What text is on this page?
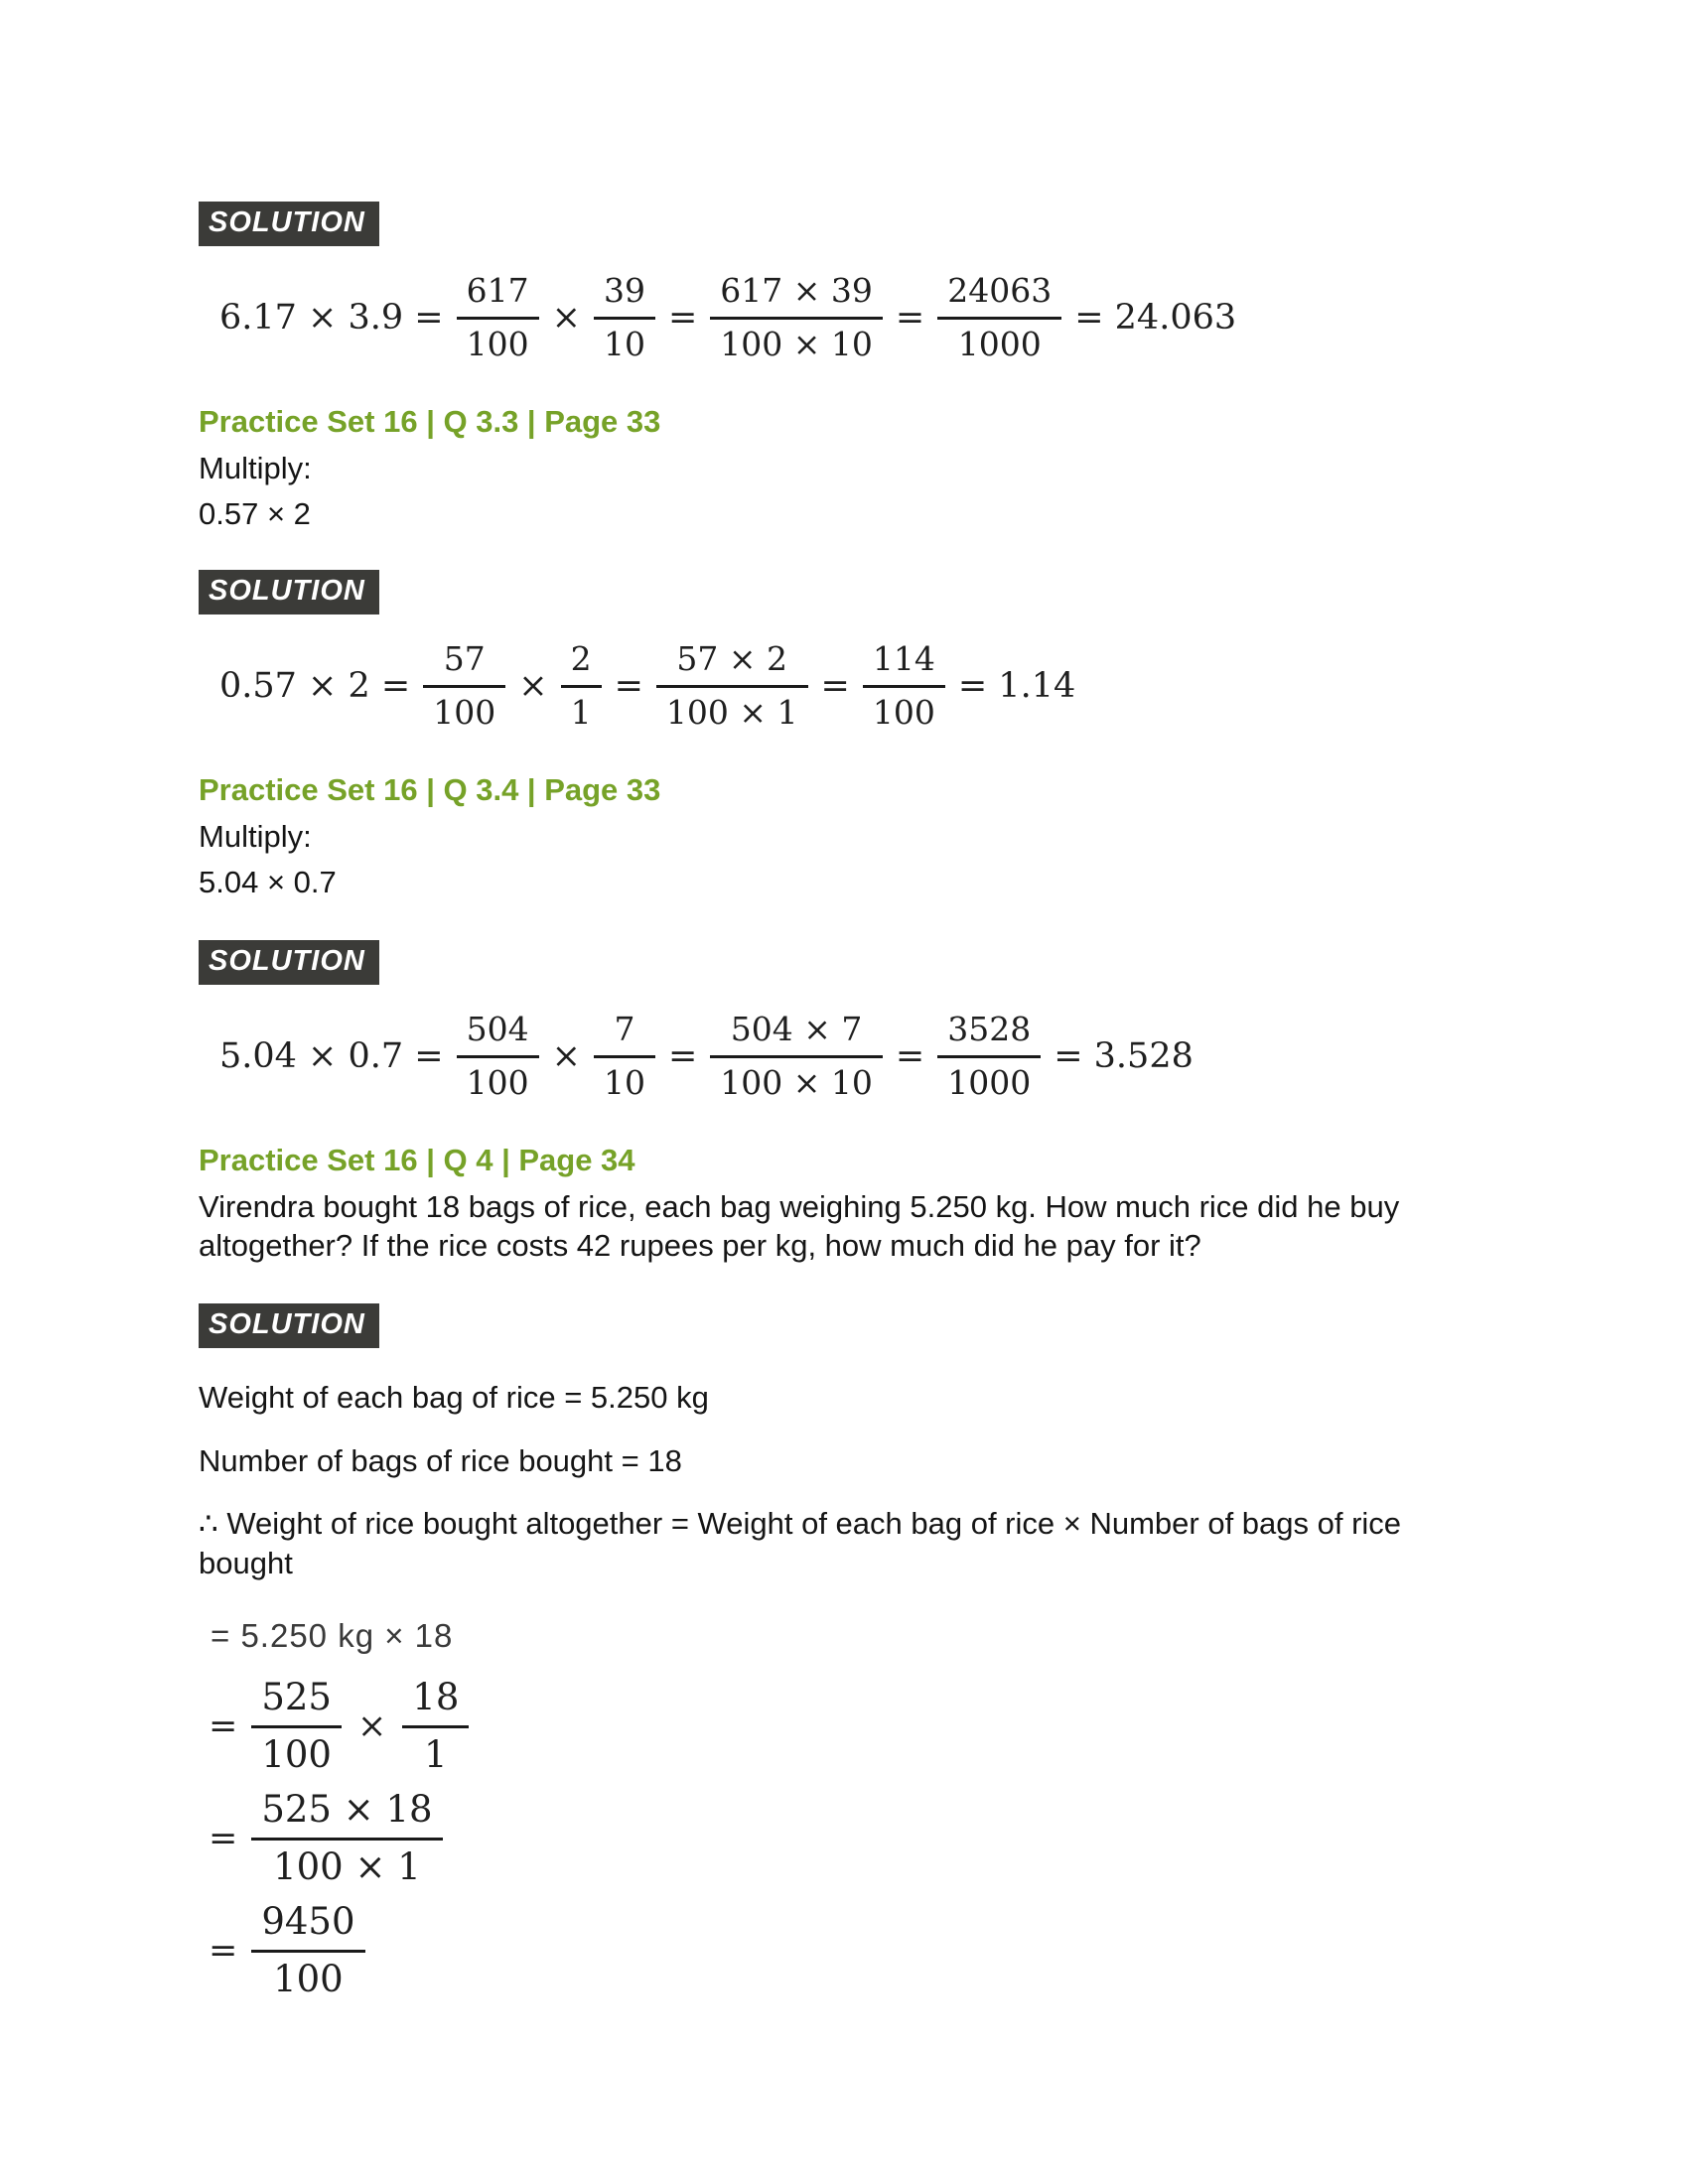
SOLUTION
$6.17 \times 3.9 = \frac{617}{100} \times \frac{39}{10} = \frac{617 \times 39}{100 \times 10} = \frac{24063}{1000} = 24.063$
Practice Set 16 | Q 3.3 | Page 33
Multiply:
0.57 × 2
SOLUTION
$0.57 \times 2 = \frac{57}{100} \times \frac{2}{1} = \frac{57 \times 2}{100 \times 1} = \frac{114}{100} = 1.14$
Practice Set 16 | Q 3.4 | Page 33
Multiply:
5.04 × 0.7
SOLUTION
$5.04 \times 0.7 = \frac{504}{100} \times \frac{7}{10} = \frac{504 \times 7}{100 \times 10} = \frac{3528}{1000} = 3.528$
Practice Set 16 | Q 4 | Page 34
Virendra bought 18 bags of rice, each bag weighing 5.250 kg. How much rice did he buy altogether? If the rice costs 42 rupees per kg, how much did he pay for it?
SOLUTION
Weight of each bag of rice = 5.250 kg
Number of bags of rice bought = 18
∴ Weight of rice bought altogether = Weight of each bag of rice × Number of bags of rice bought
= 5.250 kg × 18
= $\frac{525}{100} \times \frac{18}{1}$
= $\frac{525 \times 18}{100 \times 1}$
= $\frac{9450}{100}$
